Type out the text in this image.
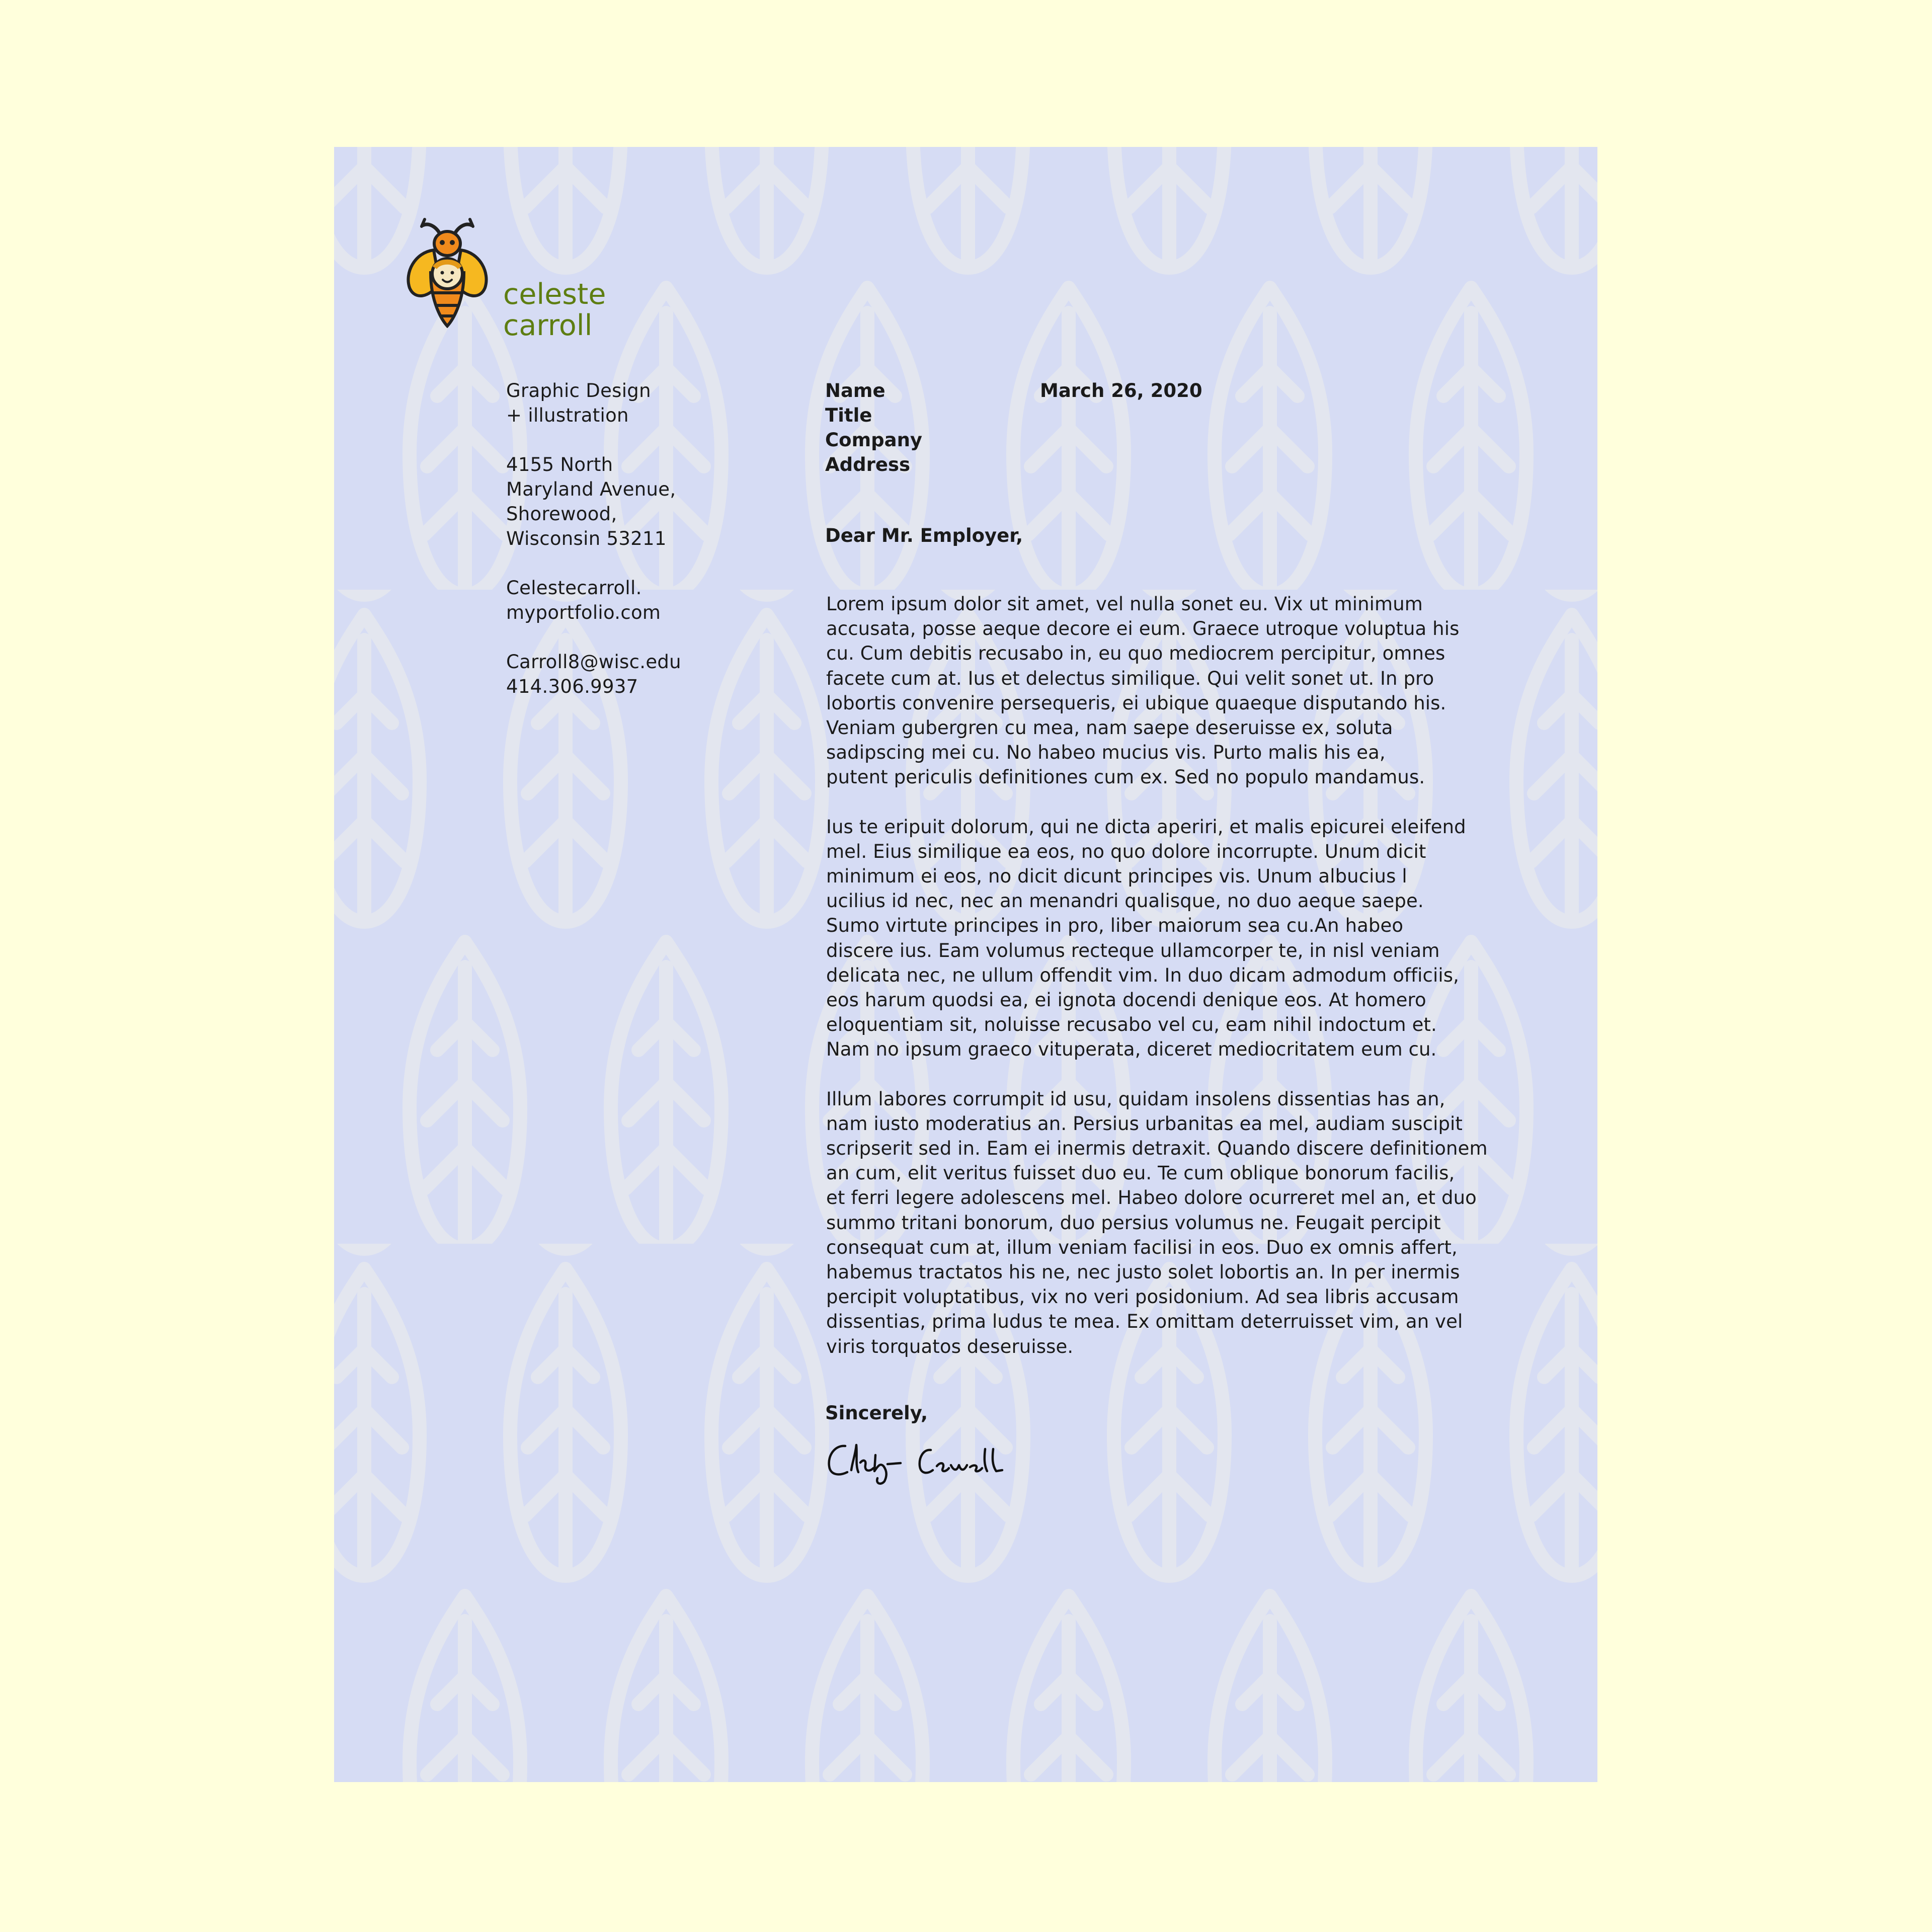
celeste
carroll
Graphic Design
+ illustration
4155 North
Maryland Avenue,
Shorewood,
Wisconsin 53211
Celestecarroll.
myportfolio.com
Carroll8@wisc.edu
414.306.9937
Name
Title
Company
Address
March 26, 2020
Dear Mr. Employer,
Lorem ipsum dolor sit amet, vel nulla sonet eu. Vix ut minimum
accusata, posse aeque decore ei eum. Graece utroque voluptua his
cu. Cum debitis recusabo in, eu quo mediocrem percipitur, omnes
facete cum at. Ius et delectus similique. Qui velit sonet ut. In pro
lobortis convenire persequeris, ei ubique quaeque disputando his.
Veniam gubergren cu mea, nam saepe deseruisse ex, soluta
sadipscing mei cu. No habeo mucius vis. Purto malis his ea,
putent periculis definitiones cum ex. Sed no populo mandamus.
Ius te eripuit dolorum, qui ne dicta aperiri, et malis epicurei eleifend
mel. Eius similique ea eos, no quo dolore incorrupte. Unum dicit
minimum ei eos, no dicit dicunt principes vis. Unum albucius l
ucilius id nec, nec an menandri qualisque, no duo aeque saepe.
Sumo virtute principes in pro, liber maiorum sea cu.An habeo
discere ius. Eam volumus recteque ullamcorper te, in nisl veniam
delicata nec, ne ullum offendit vim. In duo dicam admodum officiis,
eos harum quodsi ea, ei ignota docendi denique eos. At homero
eloquentiam sit, noluisse recusabo vel cu, eam nihil indoctum et.
Nam no ipsum graeco vituperata, diceret mediocritatem eum cu.
Illum labores corrumpit id usu, quidam insolens dissentias has an,
nam iusto moderatius an. Persius urbanitas ea mel, audiam suscipit
scripserit sed in. Eam ei inermis detraxit. Quando discere definitionem
an cum, elit veritus fuisset duo eu. Te cum oblique bonorum facilis,
et ferri legere adolescens mel. Habeo dolore ocurreret mel an, et duo
summo tritani bonorum, duo persius volumus ne. Feugait percipit
consequat cum at, illum veniam facilisi in eos. Duo ex omnis affert,
habemus tractatos his ne, nec justo solet lobortis an. In per inermis
percipit voluptatibus, vix no veri posidonium. Ad sea libris accusam
dissentias, prima ludus te mea. Ex omittam deterruisset vim, an vel
viris torquatos deseruisse.
Sincerely,
